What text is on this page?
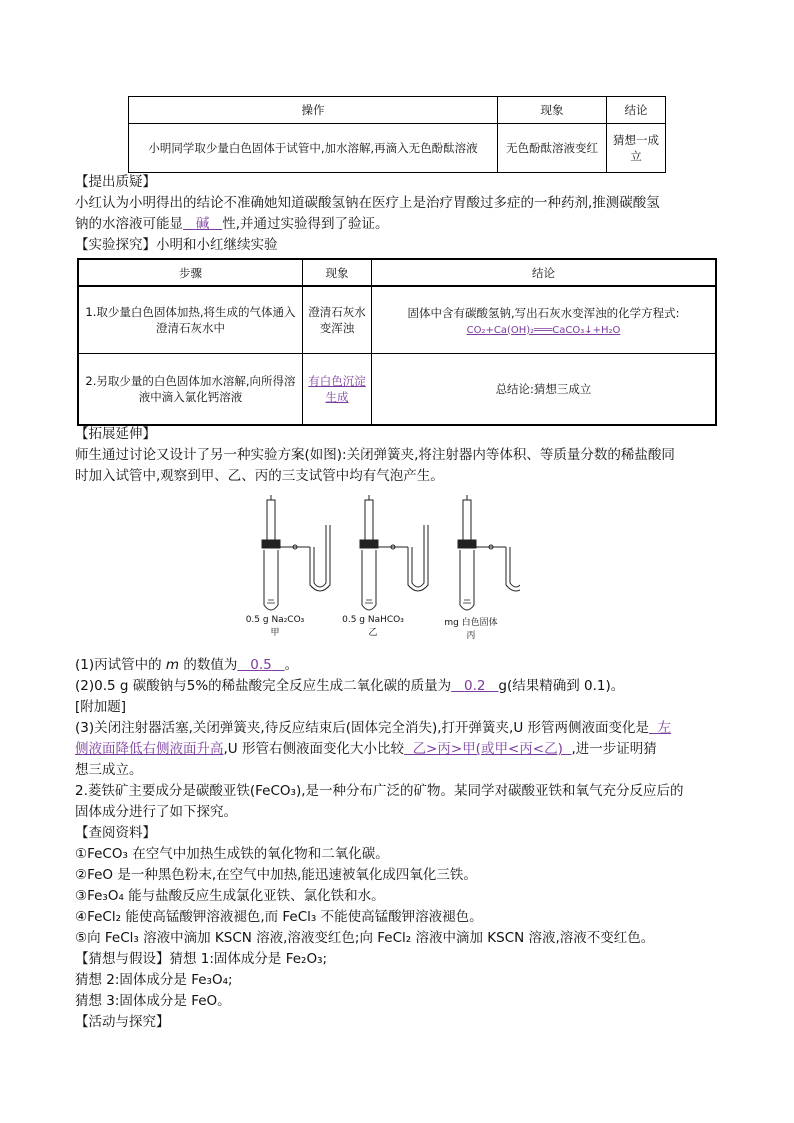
操作	现象	结论
小明同学取少量白色固体于试管中,加水溶解,再滴入无色酚酞溶液	无色酚酞溶液变红	猜想一成立
【提出质疑】
小红认为小明得出的结论不准确她知道碳酸氢钠在医疗上是治疗胃酸过多症的一种药剂,推测碳酸氢
钠的水溶液可能显 碱 性,并通过实验得到了验证。
【实验探究】小明和小红继续实验
步骤	现象	结论
1.取少量白色固体加热,将生成的气体通入澄清石灰水中	澄清石灰水变浑浊	固体中含有碳酸氢钠,写出石灰水变浑浊的化学方程式:
CO₂+Ca(OH)₂═══CaCO₃↓+H₂O

2.另取少量的白色固体加水溶解,向所得溶液中滴入氯化钙溶液	有白色沉淀生成	总结论:猜想三成立
【拓展延伸】
师生通过讨论又设计了另一种实验方案(如图):关闭弹簧夹,将注射器内等体积、等质量分数的稀盐酸同
时加入试管中,观察到甲、乙、丙的三支试管中均有气泡产生。
0.5 g Na₂CO₃
甲
0.5 g NaHCO₃
乙
mg 白色固体
丙
(1)丙试管中的 m 的数值为 0.5 。
(2)0.5 g 碳酸钠与5%的稀盐酸完全反应生成二氧化碳的质量为 0.2 g(结果精确到 0.1)。
[附加题]
(3)关闭注射器活塞,关闭弹簧夹,待反应结束后(固体完全消失),打开弹簧夹,U 形管两侧液面变化是 左
侧液面降低右侧液面升高,U 形管右侧液面变化大小比较 乙>丙>甲(或甲<丙<乙) ,进一步证明猜
想三成立。
2.菱铁矿主要成分是碳酸亚铁(FeCO₃),是一种分布广泛的矿物。某同学对碳酸亚铁和氧气充分反应后的
固体成分进行了如下探究。
【查阅资料】
①FeCO₃ 在空气中加热生成铁的氧化物和二氧化碳。
②FeO 是一种黑色粉末,在空气中加热,能迅速被氧化成四氧化三铁。
③Fe₃O₄ 能与盐酸反应生成氯化亚铁、氯化铁和水。
④FeCl₂ 能使高锰酸钾溶液褪色,而 FeCl₃ 不能使高锰酸钾溶液褪色。
⑤向 FeCl₃ 溶液中滴加 KSCN 溶液,溶液变红色;向 FeCl₂ 溶液中滴加 KSCN 溶液,溶液不变红色。
【猜想与假设】猜想 1:固体成分是 Fe₂O₃;
猜想 2:固体成分是 Fe₃O₄;
猜想 3:固体成分是 FeO。
【活动与探究】
